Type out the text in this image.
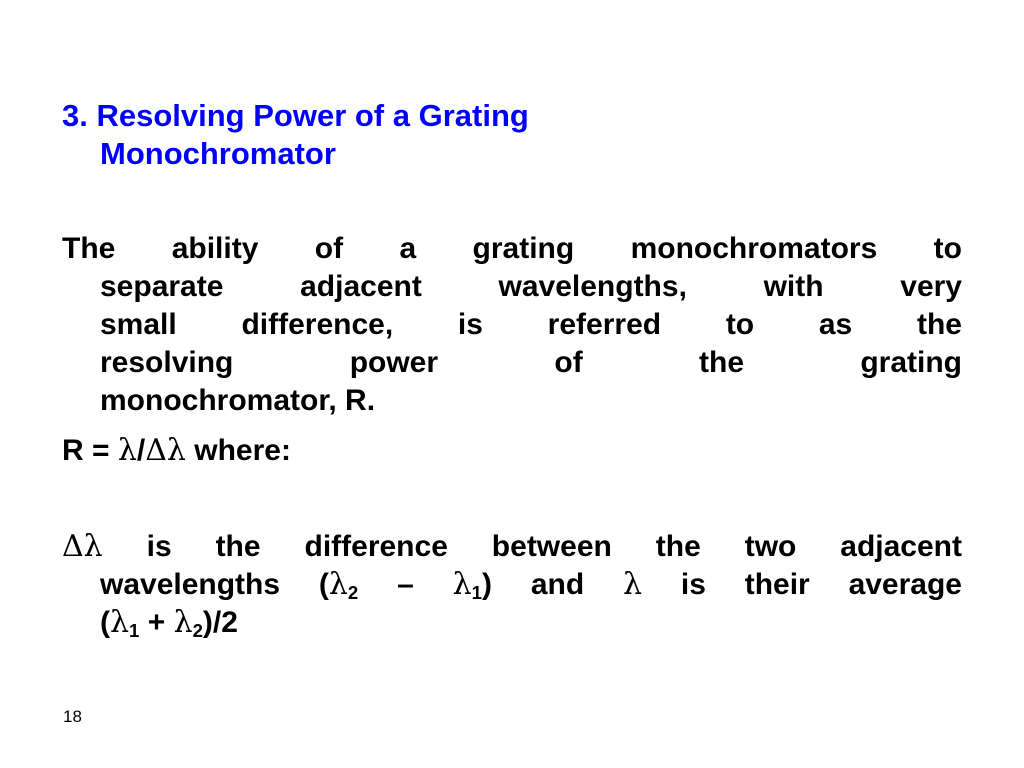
3. Resolving Power of a Grating
Monochromator
The ability of a grating monochromators to

separate adjacent wavelengths, with very
small difference, is referred to as the
resolving power of the grating
monochromator, R.
R = λ/Δλ where:
Δλ is the difference between the two adjacent
wavelengths $(\lambda_2 - \lambda_1)$ and λ is their average
$(\lambda_1 + \lambda_2)/2$
18
